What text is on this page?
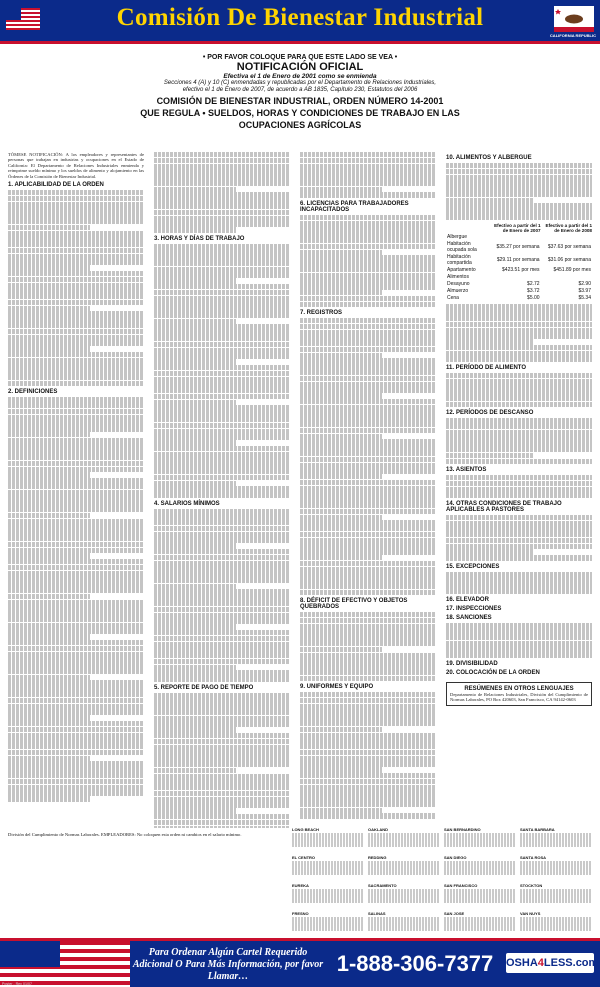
Comisión De Bienestar Industrial
CALIFORNIA REPUBLIC
• POR FAVOR COLOQUE PARA QUE ESTE LADO SE VEA •
NOTIFICACIÓN OFICIAL
Efectiva el 1 de Enero de 2001 como se enmienda
Secciones 4 (A) y 10 (C) enmendadas y republicadas por el Departamento de Relaciones Industriales,
efectivo el 1 de Enero de 2007, de acuerdo a AB 1835, Capítulo 230, Estatutos del 2006
COMISIÓN DE BIENESTAR INDUSTRIAL, ORDEN NÚMERO 14-2001
QUE REGULA • SUELDOS, HORAS Y CONDICIONES DE TRABAJO EN LAS
OCUPACIONES AGRÍCOLAS
TÓMESE NOTIFICACIÓN: A los empleadores y representantes de personas que trabajan en industrias y ocupaciones en el Estado de California: El Departamento de Relaciones Industriales enmienda y reimprime sueldo mínimo y los sueldos de alimento y alojamiento en las Órdenes de la Comisión de Bienestar Industrial.
1. APLICABILIDAD DE LA ORDEN
2. DEFINICIONES
3. HORAS Y DÍAS DE TRABAJO
4. SALARIOS MÍNIMOS
5. REPORTE DE PAGO DE TIEMPO
6. LICENCIAS PARA TRABAJADORES INCAPACITADOS
7. REGISTROS
8. DÉFICIT DE EFECTIVO Y OBJETOS QUEBRADOS
9. UNIFORMES Y EQUIPO
10. ALIMENTOS Y ALBERGUE
	Efectivo a partir del 1 de Enero de 2007	Efectivo a partir del 1 de Enero de 2008
Albergue		
Habitación ocupada sola	$35.27 por semana	$37.63 por semana
Habitación compartida	$29.11 por semana	$31.06 por semana
Apartamento	$423.51 por mes	$451.89 por mes
Alimentos		
Desayuno	$2.72	$2.90
Almuerzo	$3.72	$3.97
Cena	$5.00	$5.34
11. PERÍODO DE ALIMENTO
12. PERÍODOS DE DESCANSO
13. ASIENTOS
14. OTRAS CONDICIONES DE TRABAJO APLICABLES A PASTORES
15. EXCEPCIONES
16. ELEVADOR
17. INSPECCIONES
18. SANCIONES
19. DIVISIBILIDAD
20. COLOCACIÓN DE LA ORDEN
RESÚMENES EN OTROS LENGUAJES
Departamento de Relaciones Industriales, División del Cumplimiento de Normas Laborales, PO Box 420603, San Francisco, CA 94142-0603
División del Cumplimiento de Normas Laborales. EMPLEADORES: No coloquen esta orden ni cambios en el salario mínimo.
LONG BEACH	OAKLAND	SAN BERNARDINO	SANTA BARBARA
EL CENTRO	REDDING	SAN DIEGO	SANTA ROSA
EUREKA	SACRAMENTO	SAN FRANCISCO	STOCKTON
FRESNO	SALINAS	SAN JOSE	VAN NUYS
Para Ordenar Algún Cartel Requerido Adicional O Para Más Información, por favor Llamar…
1-888-306-7377	OSHA4LESS.com
Poster - Rev 01/07
